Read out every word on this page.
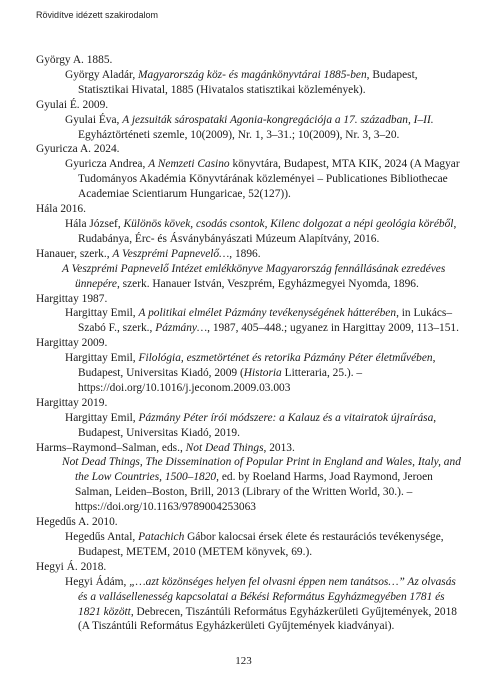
Rövidítve idézett szakirodalom

György A. 1885.

György Aladár, Magyarország köz- és magánkönyvtárai 1885-ben, Budapest, Statisztikai Hivatal, 1885 (Hivatalos statisztikai közlemények).

Gyulai É. 2009.

Gyulai Éva, A jezsuiták sárospataki Agonia-kongregációja a 17. században, I–II. Egyháztörténeti szemle, 10(2009), Nr. 1, 3–31.; 10(2009), Nr. 3, 3–20.

Gyuricza A. 2024.

Gyuricza Andrea, A Nemzeti Casino könyvtára, Budapest, MTA KIK, 2024 (A Magyar Tudományos Akadémia Könyvtárának közleményei – Publicationes Bibliothecae Academiae Scientiarum Hungaricae, 52(127)).

Hála 2016.

Hála József, Különös kövek, csodás csontok, Kilenc dolgozat a népi geológia köréből, Rudabánya, Érc- és Ásványbányászati Múzeum Alapítvány, 2016.

Hanauer, szerk., A Veszprémi Papnevelő…, 1896.

A Veszprémi Papnevelő Intézet emlékkönyve Magyarország fennállásának ezredéves ünnepére, szerk. Hanauer István, Veszprém, Egyházmegyei Nyomda, 1896.

Hargittay 1987.

Hargittay Emil, A politikai elmélet Pázmány tevékenységének hátterében, in Lukács–Szabó F., szerk., Pázmány…, 1987, 405–448.; ugyanez in Hargittay 2009, 113–151.

Hargittay 2009.

Hargittay Emil, Filológia, eszmetörténet és retorika Pázmány Péter életművében, Budapest, Universitas Kiadó, 2009 (Historia Litteraria, 25.). – https://doi.org/10.1016/j.jeconom.2009.03.003

Hargittay 2019.

Hargittay Emil, Pázmány Péter írói módszere: a Kalauz és a vitairatok újraírása, Budapest, Universitas Kiadó, 2019.

Harms–Raymond–Salman, eds., Not Dead Things, 2013.

Not Dead Things, The Dissemination of Popular Print in England and Wales, Italy, and the Low Countries, 1500–1820, ed. by Roeland Harms, Joad Raymond, Jeroen Salman, Leiden–Boston, Brill, 2013 (Library of the Written World, 30.). – https://doi.org/10.1163/9789004253063

Hegedűs A. 2010.

Hegedűs Antal, Patachich Gábor kalocsai érsek élete és restaurációs tevékenysége, Budapest, METEM, 2010 (METEM könyvek, 69.).

Hegyi Á. 2018.

Hegyi Ádám, „…azt közönséges helyen fel olvasni éppen nem tanátsos…” Az olvasás és a vallásellenesség kapcsolatai a Békési Református Egyházmegyében 1781 és 1821 között, Debrecen, Tiszántúli Református Egyházkerületi Gyűjtemények, 2018 (A Tiszántúli Református Egyházkerületi Gyűjtemények kiadványai).

123
